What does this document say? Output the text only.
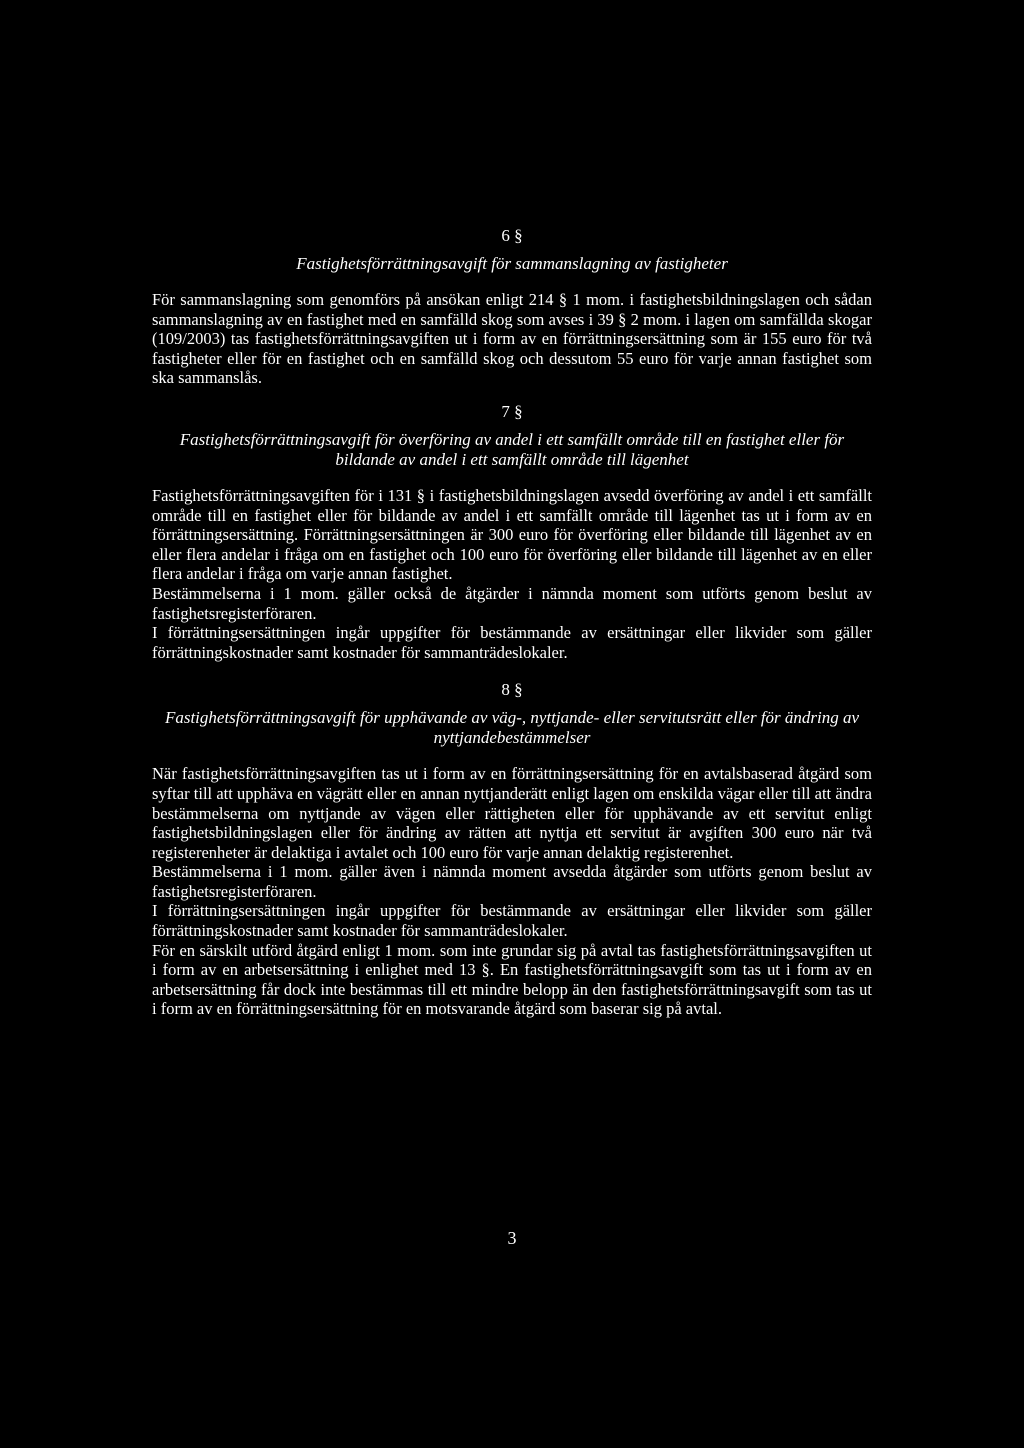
6 §
Fastighetsförrättningsavgift för sammanslagning av fastigheter

För sammanslagning som genomförs på ansökan enligt 214 § 1 mom. i fastighetsbildningslagen och sådan sammanslagning av en fastighet med en samfälld skog som avses i 39 § 2 mom. i lagen om samfällda skogar (109/2003) tas fastighetsförrättningsavgiften ut i form av en förrättningsersättning som är 155 euro för två fastigheter eller för en fastighet och en samfälld skog och dessutom 55 euro för varje annan fastighet som ska sammanslås.

7 §
Fastighetsförrättningsavgift för överföring av andel i ett samfällt område till en fastighet eller för bildande av andel i ett samfällt område till lägenhet

Fastighetsförrättningsavgiften för i 131 § i fastighetsbildningslagen avsedd överföring av andel i ett samfällt område till en fastighet eller för bildande av andel i ett samfällt område till lägenhet tas ut i form av en förrättningsersättning. Förrättningsersättningen är 300 euro för överföring eller bildande till lägenhet av en eller flera andelar i fråga om en fastighet och 100 euro för överföring eller bildande till lägenhet av en eller flera andelar i fråga om varje annan fastighet.

Bestämmelserna i 1 mom. gäller också de åtgärder i nämnda moment som utförts genom beslut av fastighetsregisterföraren.

I förrättningsersättningen ingår uppgifter för bestämmande av ersättningar eller likvider som gäller förrättningskostnader samt kostnader för sammanträdeslokaler.

8 §
Fastighetsförrättningsavgift för upphävande av väg-, nyttjande- eller servitutsrätt eller för ändring av nyttjandebestämmelser

När fastighetsförrättningsavgiften tas ut i form av en förrättningsersättning för en avtalsbaserad åtgärd som syftar till att upphäva en vägrätt eller en annan nyttjanderätt enligt lagen om enskilda vägar eller till att ändra bestämmelserna om nyttjande av vägen eller rättigheten eller för upphävande av ett servitut enligt fastighetsbildningslagen eller för ändring av rätten att nyttja ett servitut är avgiften 300 euro när två registerenheter är delaktiga i avtalet och 100 euro för varje annan delaktig registerenhet.

Bestämmelserna i 1 mom. gäller även i nämnda moment avsedda åtgärder som utförts genom beslut av fastighetsregisterföraren.

I förrättningsersättningen ingår uppgifter för bestämmande av ersättningar eller likvider som gäller förrättningskostnader samt kostnader för sammanträdeslokaler.

För en särskilt utförd åtgärd enligt 1 mom. som inte grundar sig på avtal tas fastighetsförrättningsavgiften ut i form av en arbetsersättning i enlighet med 13 §. En fastighetsförrättningsavgift som tas ut i form av en arbetsersättning får dock inte bestämmas till ett mindre belopp än den fastighetsförrättningsavgift som tas ut i form av en förrättningsersättning för en motsvarande åtgärd som baserar sig på avtal.

3
